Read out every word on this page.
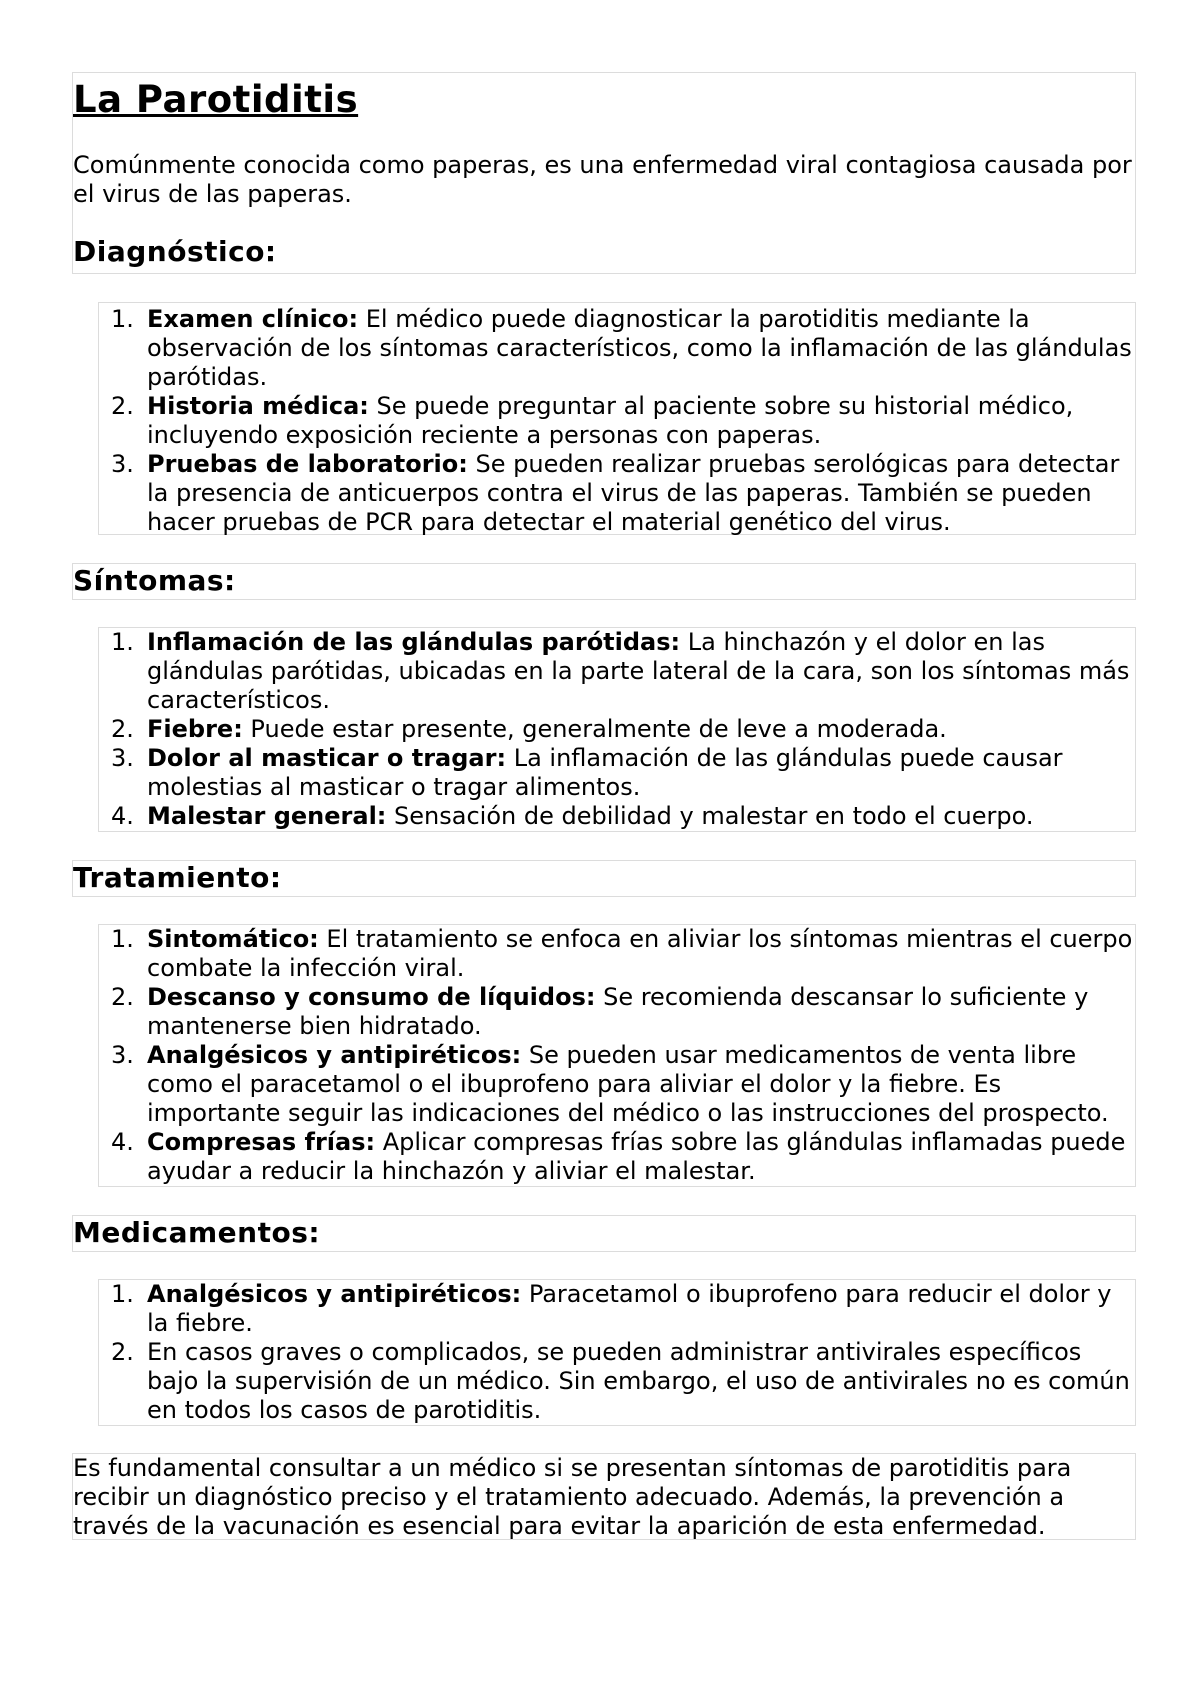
La Parotiditis
Comúnmente conocida como paperas, es una enfermedad viral contagiosa causada por el virus de las paperas.
Diagnóstico:
1. Examen clínico: El médico puede diagnosticar la parotiditis mediante la observación de los síntomas característicos, como la inflamación de las glándulas parótidas.
2. Historia médica: Se puede preguntar al paciente sobre su historial médico, incluyendo exposición reciente a personas con paperas.
3. Pruebas de laboratorio: Se pueden realizar pruebas serológicas para detectar la presencia de anticuerpos contra el virus de las paperas. También se pueden hacer pruebas de PCR para detectar el material genético del virus.
Síntomas:
1. Inflamación de las glándulas parótidas: La hinchazón y el dolor en las glándulas parótidas, ubicadas en la parte lateral de la cara, son los síntomas más característicos.
2. Fiebre: Puede estar presente, generalmente de leve a moderada.
3. Dolor al masticar o tragar: La inflamación de las glándulas puede causar molestias al masticar o tragar alimentos.
4. Malestar general: Sensación de debilidad y malestar en todo el cuerpo.
Tratamiento:
1. Sintomático: El tratamiento se enfoca en aliviar los síntomas mientras el cuerpo combate la infección viral.
2. Descanso y consumo de líquidos: Se recomienda descansar lo suficiente y mantenerse bien hidratado.
3. Analgésicos y antipiréticos: Se pueden usar medicamentos de venta libre como el paracetamol o el ibuprofeno para aliviar el dolor y la fiebre. Es importante seguir las indicaciones del médico o las instrucciones del prospecto.
4. Compresas frías: Aplicar compresas frías sobre las glándulas inflamadas puede ayudar a reducir la hinchazón y aliviar el malestar.
Medicamentos:
1. Analgésicos y antipiréticos: Paracetamol o ibuprofeno para reducir el dolor y la fiebre.
2. En casos graves o complicados, se pueden administrar antivirales específicos bajo la supervisión de un médico. Sin embargo, el uso de antivirales no es común en todos los casos de parotiditis.
Es fundamental consultar a un médico si se presentan síntomas de parotiditis para recibir un diagnóstico preciso y el tratamiento adecuado. Además, la prevención a través de la vacunación es esencial para evitar la aparición de esta enfermedad.
